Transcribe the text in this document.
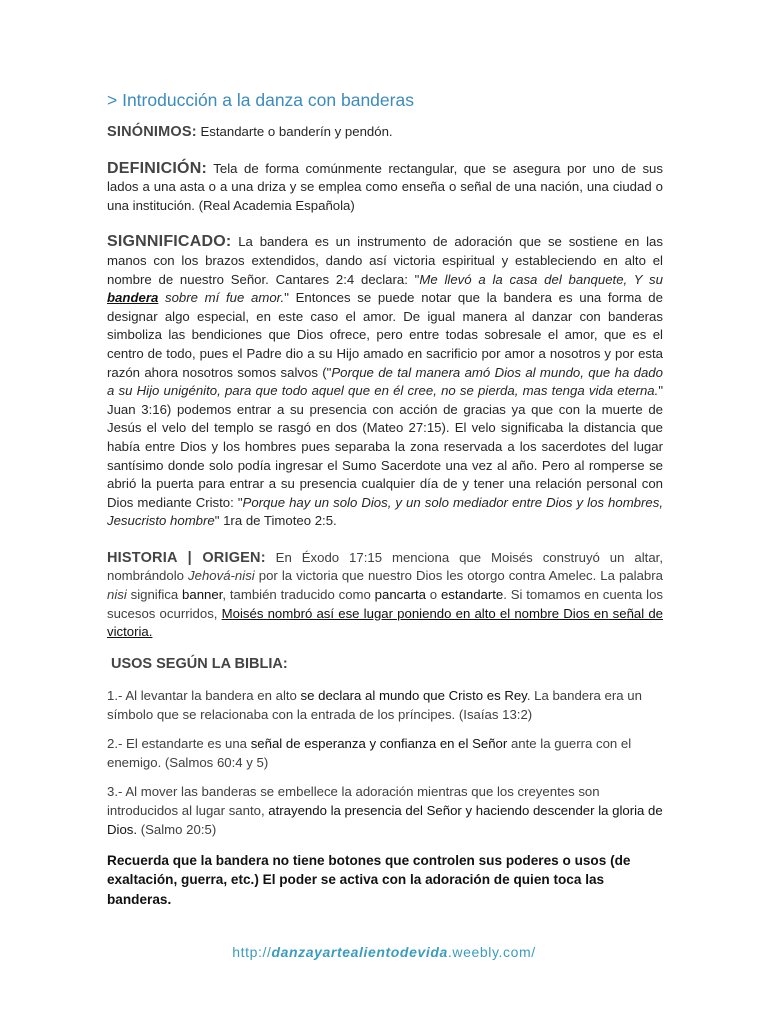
> Introducción a la danza con banderas

SINÓNIMOS: Estandarte o banderín y pendón.

DEFINICIÓN: Tela de forma comúnmente rectangular, que se asegura por uno de sus lados a una asta o a una driza y se emplea como enseña o señal de una nación, una ciudad o una institución. (Real Academia Española)

SIGNNIFICADO: La bandera es un instrumento de adoración que se sostiene en las manos con los brazos extendidos, dando así victoria espiritual y estableciendo en alto el nombre de nuestro Señor. Cantares 2:4 declara: "Me llevó a la casa del banquete, Y su bandera sobre mí fue amor." Entonces se puede notar que la bandera es una forma de designar algo especial, en este caso el amor. De igual manera al danzar con banderas simboliza las bendiciones que Dios ofrece, pero entre todas sobresale el amor, que es el centro de todo, pues el Padre dio a su Hijo amado en sacrificio por amor a nosotros y por esta razón ahora nosotros somos salvos ("Porque de tal manera amó Dios al mundo, que ha dado a su Hijo unigénito, para que todo aquel que en él cree, no se pierda, mas tenga vida eterna." Juan 3:16) podemos entrar a su presencia con acción de gracias ya que con la muerte de Jesús el velo del templo se rasgó en dos (Mateo 27:15). El velo significaba la distancia que había entre Dios y los hombres pues separaba la zona reservada a los sacerdotes del lugar santísimo donde solo podía ingresar el Sumo Sacerdote una vez al año. Pero al romperse se abrió la puerta para entrar a su presencia cualquier día de y tener una relación personal con Dios mediante Cristo: "Porque hay un solo Dios, y un solo mediador entre Dios y los hombres, Jesucristo hombre" 1ra de Timoteo 2:5.

HISTORIA | ORIGEN: En Éxodo 17:15 menciona que Moisés construyó un altar, nombrándolo Jehová-nisi por la victoria que nuestro Dios les otorgo contra Amelec. La palabra nisi significa banner, también traducido como pancarta o estandarte. Si tomamos en cuenta los sucesos ocurridos, Moisés nombró así ese lugar poniendo en alto el nombre Dios en señal de victoria.

USOS SEGÚN LA BIBLIA:

1.- Al levantar la bandera en alto se declara al mundo que Cristo es Rey. La bandera era un símbolo que se relacionaba con la entrada de los príncipes. (Isaías 13:2)

2.- El estandarte es una señal de esperanza y confianza en el Señor ante la guerra con el enemigo. (Salmos 60:4 y 5)

3.- Al mover las banderas se embellece la adoración mientras que los creyentes son introducidos al lugar santo, atrayendo la presencia del Señor y haciendo descender la gloria de Dios. (Salmo 20:5)

Recuerda que la bandera no tiene botones que controlen sus poderes o usos (de exaltación, guerra, etc.) El poder se activa con la adoración de quien toca las banderas.

http://danzayartealientodevida.weebly.com/
